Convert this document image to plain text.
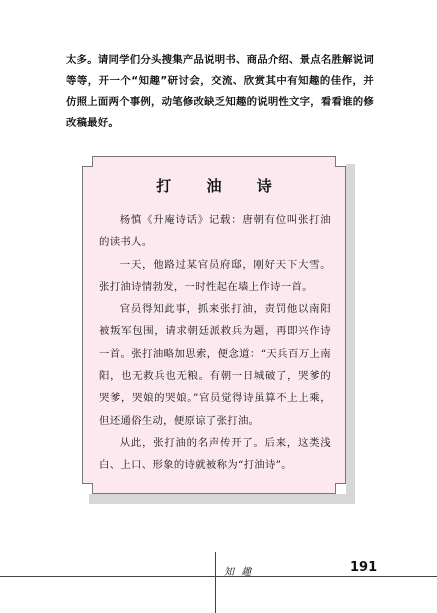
太多。请同学们分头搜集产品说明书、商品介绍、景点名胜解说词等等，开一个“知趣”研讨会，交流、欣赏其中有知趣的佳作，并仿照上面两个事例，动笔修改缺乏知趣的说明性文字，看看谁的修改稿最好。

打 油 诗

杨慎《升庵诗话》记载：唐朝有位叫张打油的读书人。

一天，他路过某官员府邸，刚好天下大雪。张打油诗情勃发，一时性起在墙上作诗一首。

官员得知此事，抓来张打油，责罚他以南阳被叛军包围，请求朝廷派救兵为题，再即兴作诗一首。张打油略加思索，便念道：“天兵百万上南阳，也无救兵也无粮。有朝一日城破了，哭爹的哭爹，哭娘的哭娘。”官员觉得诗虽算不上上乘，但还通俗生动，便原谅了张打油。

从此，张打油的名声传开了。后来，这类浅白、上口、形象的诗就被称为“打油诗”。

知 趣	191
